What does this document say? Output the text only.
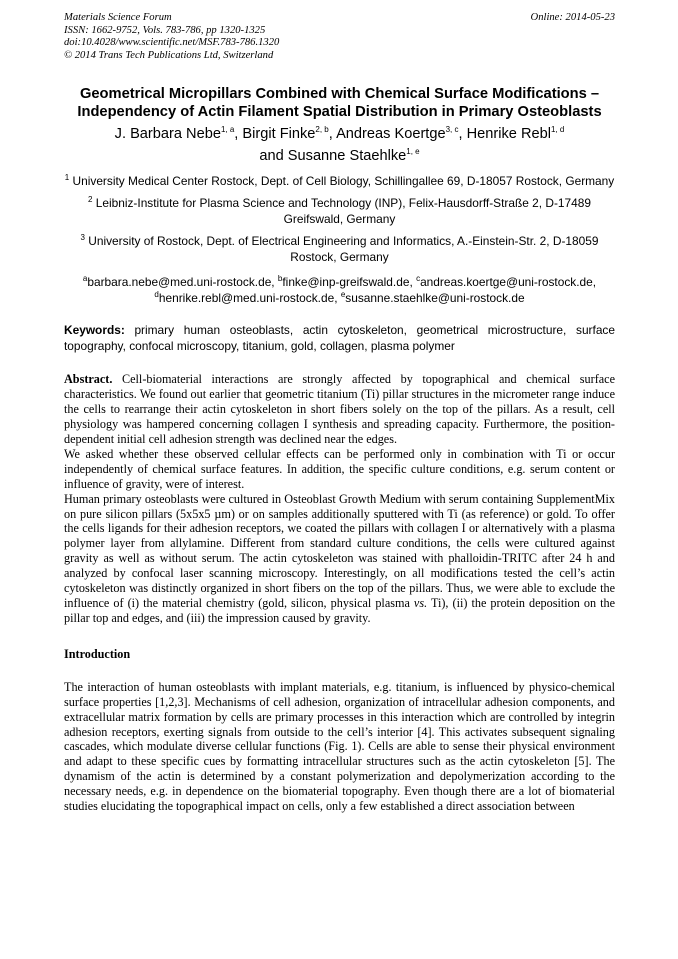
Materials Science Forum
ISSN: 1662-9752, Vols. 783-786, pp 1320-1325
doi:10.4028/www.scientific.net/MSF.783-786.1320
© 2014 Trans Tech Publications Ltd, Switzerland
Online: 2014-05-23
Geometrical Micropillars Combined with Chemical Surface Modifications – Independency of Actin Filament Spatial Distribution in Primary Osteoblasts
J. Barbara Nebe$^{1, a}$, Birgit Finke$^{2, b}$, Andreas Koertge$^{3, c}$, Henrike Rebl$^{1, d}$
and Susanne Staehlke$^{1, e}$
$^1$ University Medical Center Rostock, Dept. of Cell Biology, Schillingallee 69, D-18057 Rostock, Germany
$^2$ Leibniz-Institute for Plasma Science and Technology (INP), Felix-Hausdorff-Straße 2, D-17489 Greifswald, Germany
$^3$ University of Rostock, Dept. of Electrical Engineering and Informatics, A.-Einstein-Str. 2, D-18059 Rostock, Germany
$^a$barbara.nebe@med.uni-rostock.de, $^b$finke@inp-greifswald.de, $^c$andreas.koertge@uni-rostock.de,
$^d$henrike.rebl@med.uni-rostock.de, $^e$susanne.staehlke@uni-rostock.de
Keywords: primary human osteoblasts, actin cytoskeleton, geometrical microstructure, surface topography, confocal microscopy, titanium, gold, collagen, plasma polymer

Abstract. Cell-biomaterial interactions are strongly affected by topographical and chemical surface characteristics. We found out earlier that geometric titanium (Ti) pillar structures in the micrometer range induce the cells to rearrange their actin cytoskeleton in short fibers solely on the top of the pillars. As a result, cell physiology was hampered concerning collagen I synthesis and spreading capacity. Furthermore, the position-dependent initial cell adhesion strength was declined near the edges.

We asked whether these observed cellular effects can be performed only in combination with Ti or occur independently of chemical surface features. In addition, the specific culture conditions, e.g. serum content or influence of gravity, were of interest.

Human primary osteoblasts were cultured in Osteoblast Growth Medium with serum containing SupplementMix on pure silicon pillars (5x5x5 µm) or on samples additionally sputtered with Ti (as reference) or gold. To offer the cells ligands for their adhesion receptors, we coated the pillars with collagen I or alternatively with a plasma polymer layer from allylamine. Different from standard culture conditions, the cells were cultured against gravity as well as without serum. The actin cytoskeleton was stained with phalloidin-TRITC after 24 h and analyzed by confocal laser scanning microscopy. Interestingly, on all modifications tested the cell’s actin cytoskeleton was distinctly organized in short fibers on the top of the pillars. Thus, we were able to exclude the influence of (i) the material chemistry (gold, silicon, physical plasma vs. Ti), (ii) the protein deposition on the pillar top and edges, and (iii) the impression caused by gravity.

Introduction

The interaction of human osteoblasts with implant materials, e.g. titanium, is influenced by physico-chemical surface properties [1,2,3]. Mechanisms of cell adhesion, organization of intracellular adhesion components, and extracellular matrix formation by cells are primary processes in this interaction which are controlled by integrin adhesion receptors, exerting signals from outside to the cell’s interior [4]. This activates subsequent signaling cascades, which modulate diverse cellular functions (Fig. 1). Cells are able to sense their physical environment and adapt to these specific cues by formatting intracellular structures such as the actin cytoskeleton [5]. The dynamism of the actin is determined by a constant polymerization and depolymerization according to the necessary needs, e.g. in dependence on the biomaterial topography. Even though there are a lot of biomaterial studies elucidating the topographical impact on cells, only a few established a direct association between
